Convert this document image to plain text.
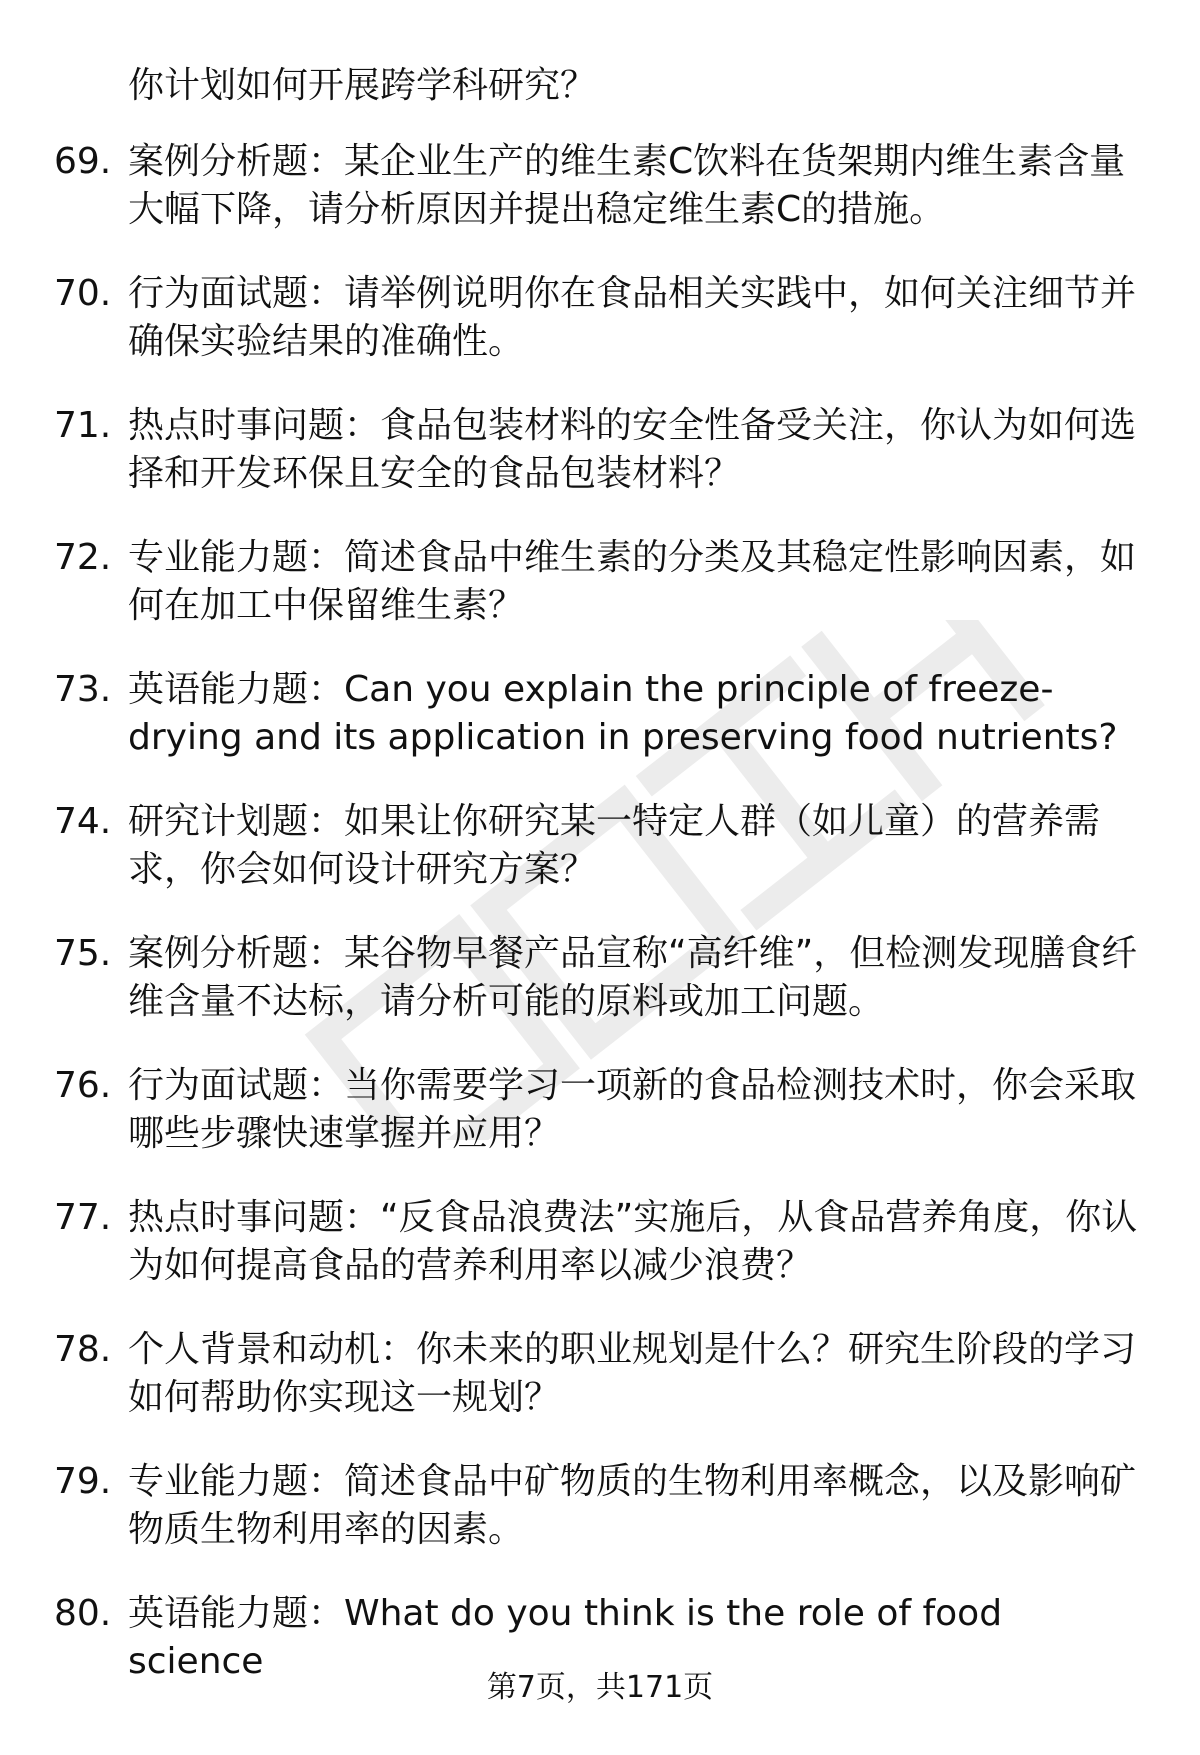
你计划如何开展跨学科研究？

69. 案例分析题：某企业生产的维生素C饮料在货架期内维生素含量大幅下降，请分析原因并提出稳定维生素C的措施。

70. 行为面试题：请举例说明你在食品相关实践中，如何关注细节并确保实验结果的准确性。

71. 热点时事问题：食品包装材料的安全性备受关注，你认为如何选择和开发环保且安全的食品包装材料？

72. 专业能力题：简述食品中维生素的分类及其稳定性影响因素，如何在加工中保留维生素？

73. 英语能力题：Can you explain the principle of freeze-drying and its application in preserving food nutrients?

74. 研究计划题：如果让你研究某一特定人群（如儿童）的营养需求，你会如何设计研究方案？

75. 案例分析题：某谷物早餐产品宣称“高纤维”，但检测发现膳食纤维含量不达标，请分析可能的原料或加工问题。

76. 行为面试题：当你需要学习一项新的食品检测技术时，你会采取哪些步骤快速掌握并应用？

77. 热点时事问题：“反食品浪费法”实施后，从食品营养角度，你认为如何提高食品的营养利用率以减少浪费？

78. 个人背景和动机：你未来的职业规划是什么？研究生阶段的学习如何帮助你实现这一规划？

79. 专业能力题：简述食品中矿物质的生物利用率概念，以及影响矿物质生物利用率的因素。

80. 英语能力题：What do you think is the role of food science

第7页，共171页
